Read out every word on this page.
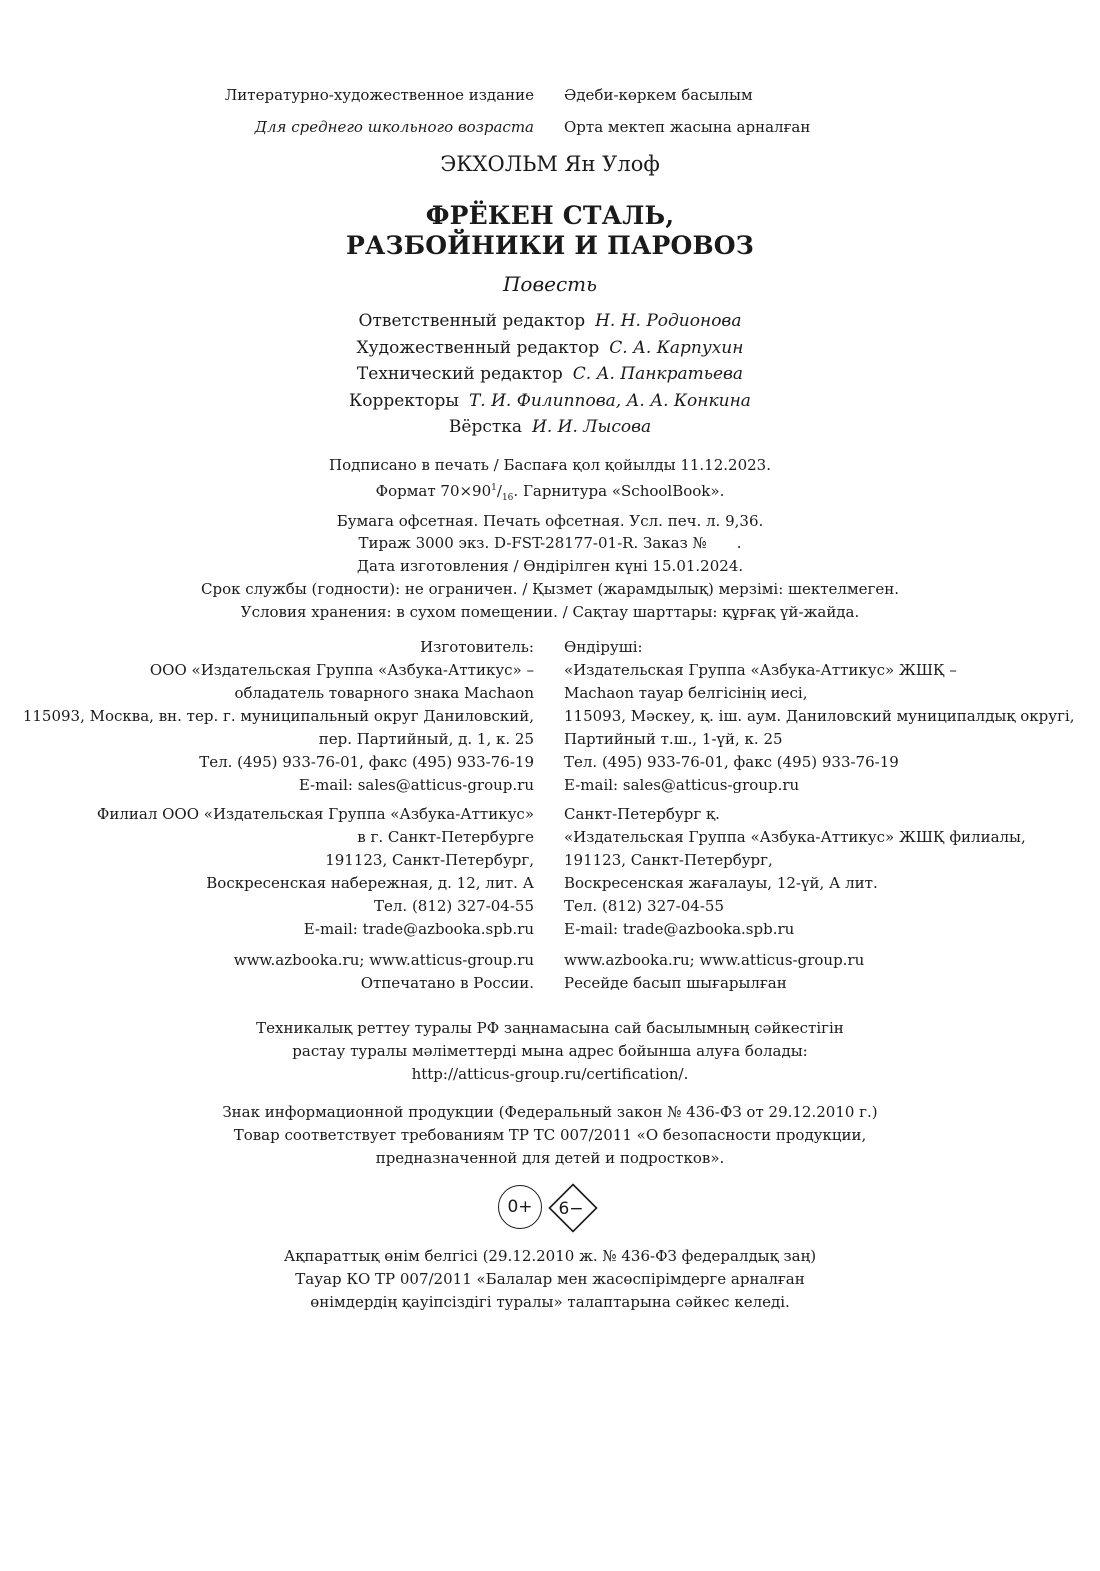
Литературно-художественное издание Әдеби-көркем басылым
Для среднего школьного возраста Орта мектеп жасына арналған
ЭКХОЛЬМ Ян Улоф
ФРЁКЕН СТАЛЬ,
РАЗБОЙНИКИ И ПАРОВОЗ
Повесть
Ответственный редактор Н. Н. Родионова
Художественный редактор С. А. Карпухин
Технический редактор С. А. Панкратьева
Корректоры Т. И. Филиппова, А. А. Конкина
Вёрстка И. И. Лысова
Подписано в печать / Баспаға қол қойылды 11.12.2023.
Формат $70\times 90^1/_{16}$. Гарнитура «SchoolBook».
Бумага офсетная. Печать офсетная. Усл. печ. л. 9,36.
Тираж 3000 экз. D-FST-28177-01-R. Заказ № .
Дата изготовления / Өндірілген күні 15.01.2024.
Срок службы (годности): не ограничен. / Қызмет (жарамдылық) мерзімі: шектелмеген.
Условия хранения: в сухом помещении. / Сақтау шарттары: құрғақ үй-жайда.
Изготовитель:
ООО «Издательская Группа «Азбука-Аттикус» –
обладатель товарного знака Machaon
115093, Москва, вн. тер. г. муниципальный округ Даниловский,
пер. Партийный, д. 1, к. 25
Тел. (495) 933-76-01, факс (495) 933-76-19
E-mail: sales@atticus-group.ru
Өндіруші:
«Издательская Группа «Азбука-Аттикус» ЖШҚ –
Machaon тауар белгісінің иесі,
115093, Мәскеу, қ. іш. аум. Даниловский муниципалдық округі,
Партийный т.ш., 1-үй, к. 25
Тел. (495) 933-76-01, факс (495) 933-76-19
E-mail: sales@atticus-group.ru
Филиал ООО «Издательская Группа «Азбука-Аттикус»
в г. Санкт-Петербурге
191123, Санкт-Петербург,
Воскресенская набережная, д. 12, лит. А
Тел. (812) 327-04-55
E-mail: trade@azbooka.spb.ru
Санкт-Петербург қ.
«Издательская Группа «Азбука-Аттикус» ЖШҚ филиалы,
191123, Санкт-Петербург,
Воскресенская жағалауы, 12-үй, А лит.
Тел. (812) 327-04-55
E-mail: trade@azbooka.spb.ru
www.azbooka.ru; www.atticus-group.ru
Отпечатано в России.
www.azbooka.ru; www.atticus-group.ru
Ресейде басып шығарылған
Техникалық реттеу туралы РФ заңнамасына сай басылымның сәйкестігін
растау туралы мәліметтерді мына адрес бойынша алуға болады:
http://atticus-group.ru/certification/.
Знак информационной продукции (Федеральный закон № 436-ФЗ от 29.12.2010 г.)
Товар соответствует требованиям ТР ТС 007/2011 «О безопасности продукции,
предназначенной для детей и подростков».
0+	6−
Ақпараттық өнім белгісі (29.12.2010 ж. № 436-ФЗ федералдық заң)
Тауар КО ТР 007/2011 «Балалар мен жасөспірімдерге арналған
өнімдердің қауіпсіздігі туралы» талаптарына сәйкес келеді.
